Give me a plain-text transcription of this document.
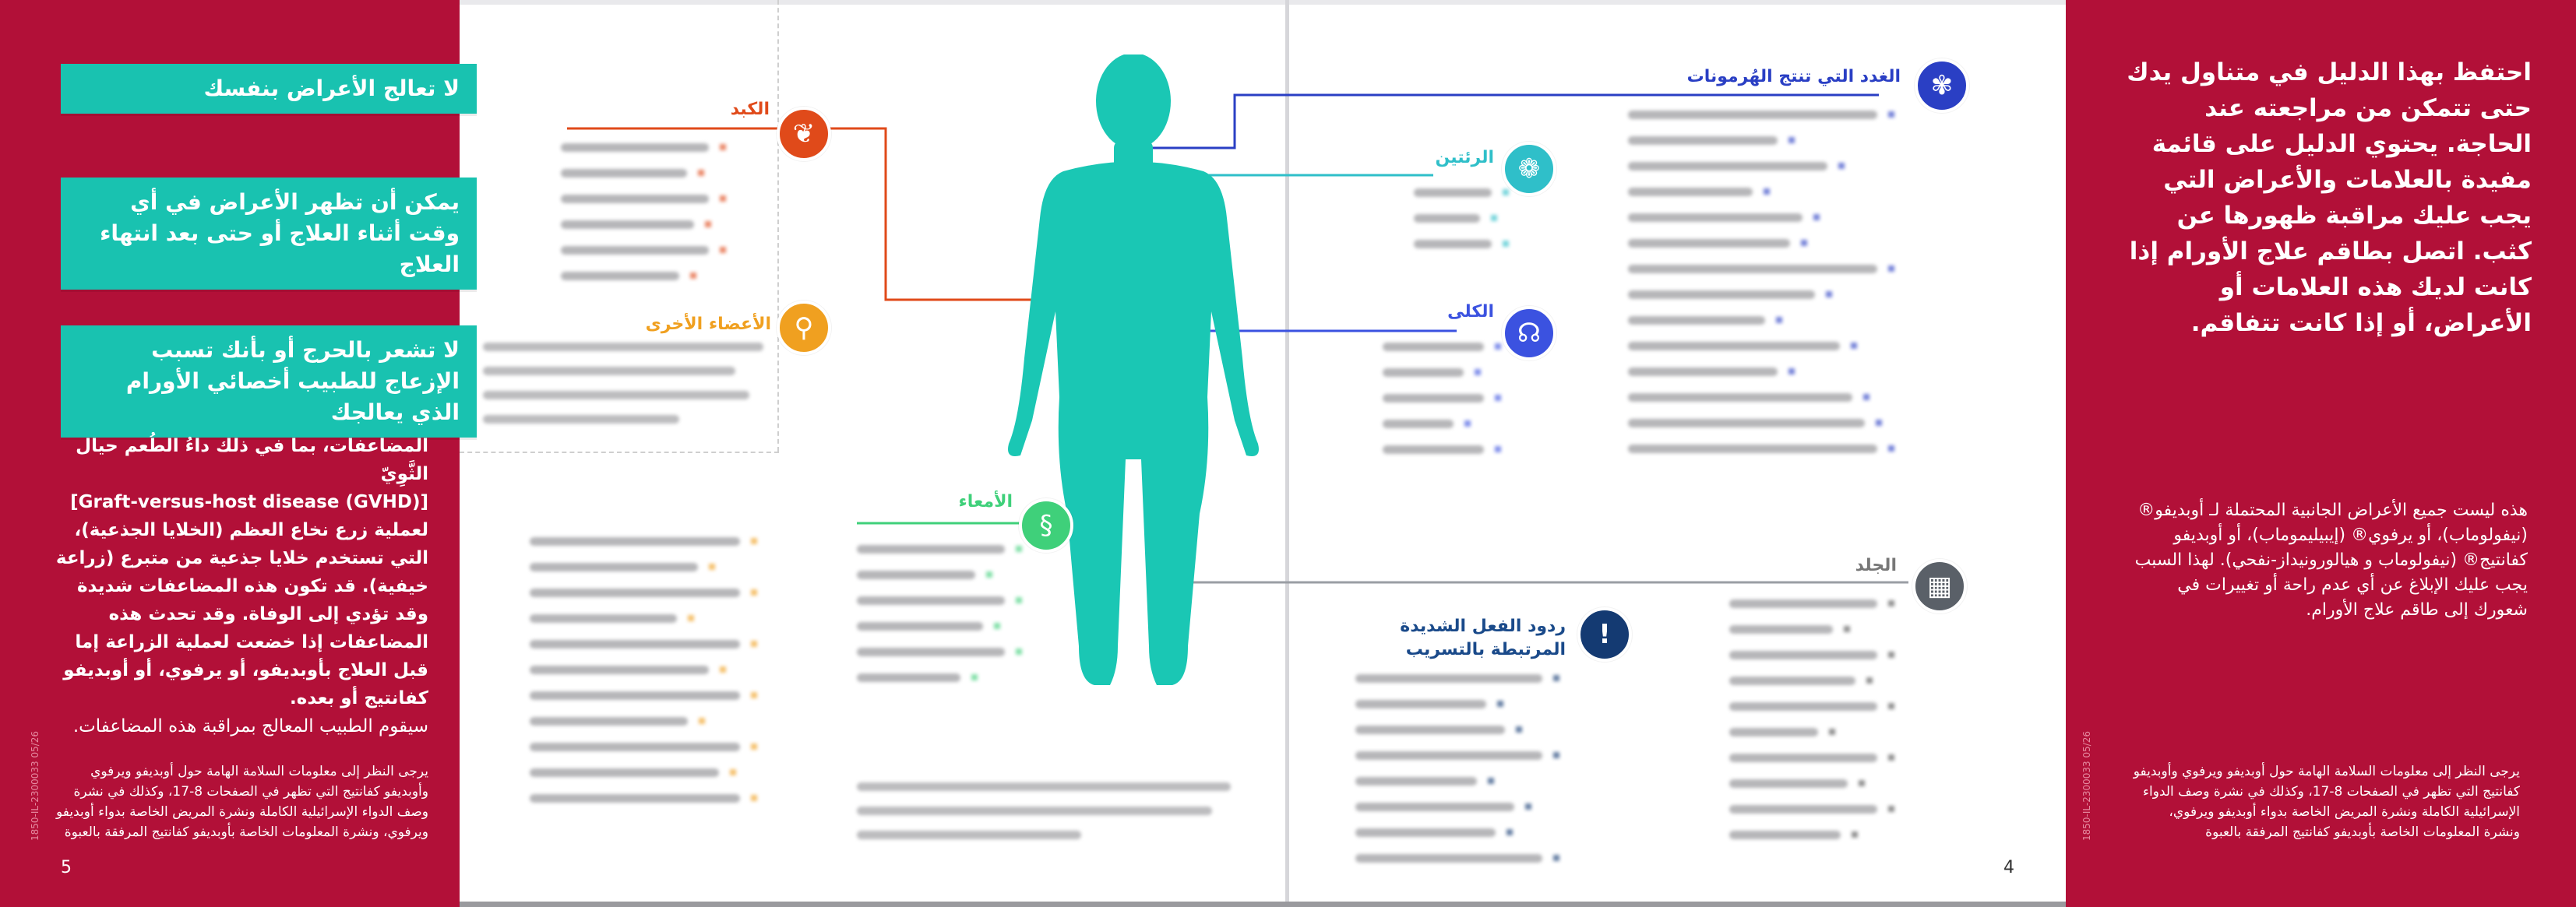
لا تعالج الأعراض بنفسك
يمكن أن تظهر الأعراض في أي وقت أثناء العلاج أو حتى بعد انتهاء العلاج
لا تشعر بالحرج أو بأنك تسبب الإزعاج للطبيب أخصائي الأورام الذي يعالجك
المضاعفات، بما في ذلك داءُ الطُعم حيال الثَّوِيّ
[(Graft-versus-host disease (GVHD]
لعملية زرع نخاع العظم (الخلايا الجذعية)، التي تستخدم خلايا جذعية من متبرع (زراعة خيفية). قد تكون هذه المضاعفات شديدة وقد تؤدي إلى الوفاة. وقد تحدث هذه المضاعفات إذا خضعت لعملية الزراعة إما قبل العلاج بأوبديفو، أو يرفوي، أو أوبديفو كفانتيج أو بعده.
سيقوم الطبيب المعالج بمراقبة هذه المضاعفات.
يرجى النظر إلى معلومات السلامة الهامة حول أوبديفو ويرفوي وأوبديفو كفانتيج التي تظهر في الصفحات 8-17، وكذلك في نشرة وصف الدواء الإسرائيلية الكاملة ونشرة المريض الخاصة بدواء أوبديفو ويرفوي، ونشرة المعلومات الخاصة بأوبديفو كفانتيج المرفقة بالعبوة
5
1850-IL-2300033 05/26
احتفظ بهذا الدليل في متناول يدك حتى تتمكن من مراجعته عند الحاجة. يحتوي الدليل على قائمة مفيدة بالعلامات والأعراض التي يجب عليك مراقبة ظهورها عن كثب. اتصل بطاقم علاج الأورام إذا كانت لديك هذه العلامات أو الأعراض، أو إذا كانت تتفاقم.
هذه ليست جميع الأعراض الجانبية المحتملة لـ أوبديفو® (نيفولوماب)، أو يرفوي® (إيبيليموماب)، أو أوبديفو كفانتيج® (نيفولوماب و هيالورونيداز-نفحي). لهذا السبب يجب عليك الإبلاغ عن أي عدم راحة أو تغييرات في شعورك إلى طاقم علاج الأورام.
يرجى النظر إلى معلومات السلامة الهامة حول أوبديفو ويرفوي وأوبديفو كفانتيج التي تظهر في الصفحات 8-17، وكذلك في نشرة وصف الدواء الإسرائيلية الكاملة ونشرة المريض الخاصة بدواء أوبديفو ويرفوي، ونشرة المعلومات الخاصة بأوبديفو كفانتيج المرفقة بالعبوة
4
1850-IL-2300033 05/26
❦
الكبد
⚲
الأعضاء الأخرى
§
الأمعاء
✾
الغدد التي تنتج الهُرمونات
❁
الرئتين
☊
الكلى
▦
الجلد
!
ردود الفعل الشديدة المرتبطة بالتسريب
